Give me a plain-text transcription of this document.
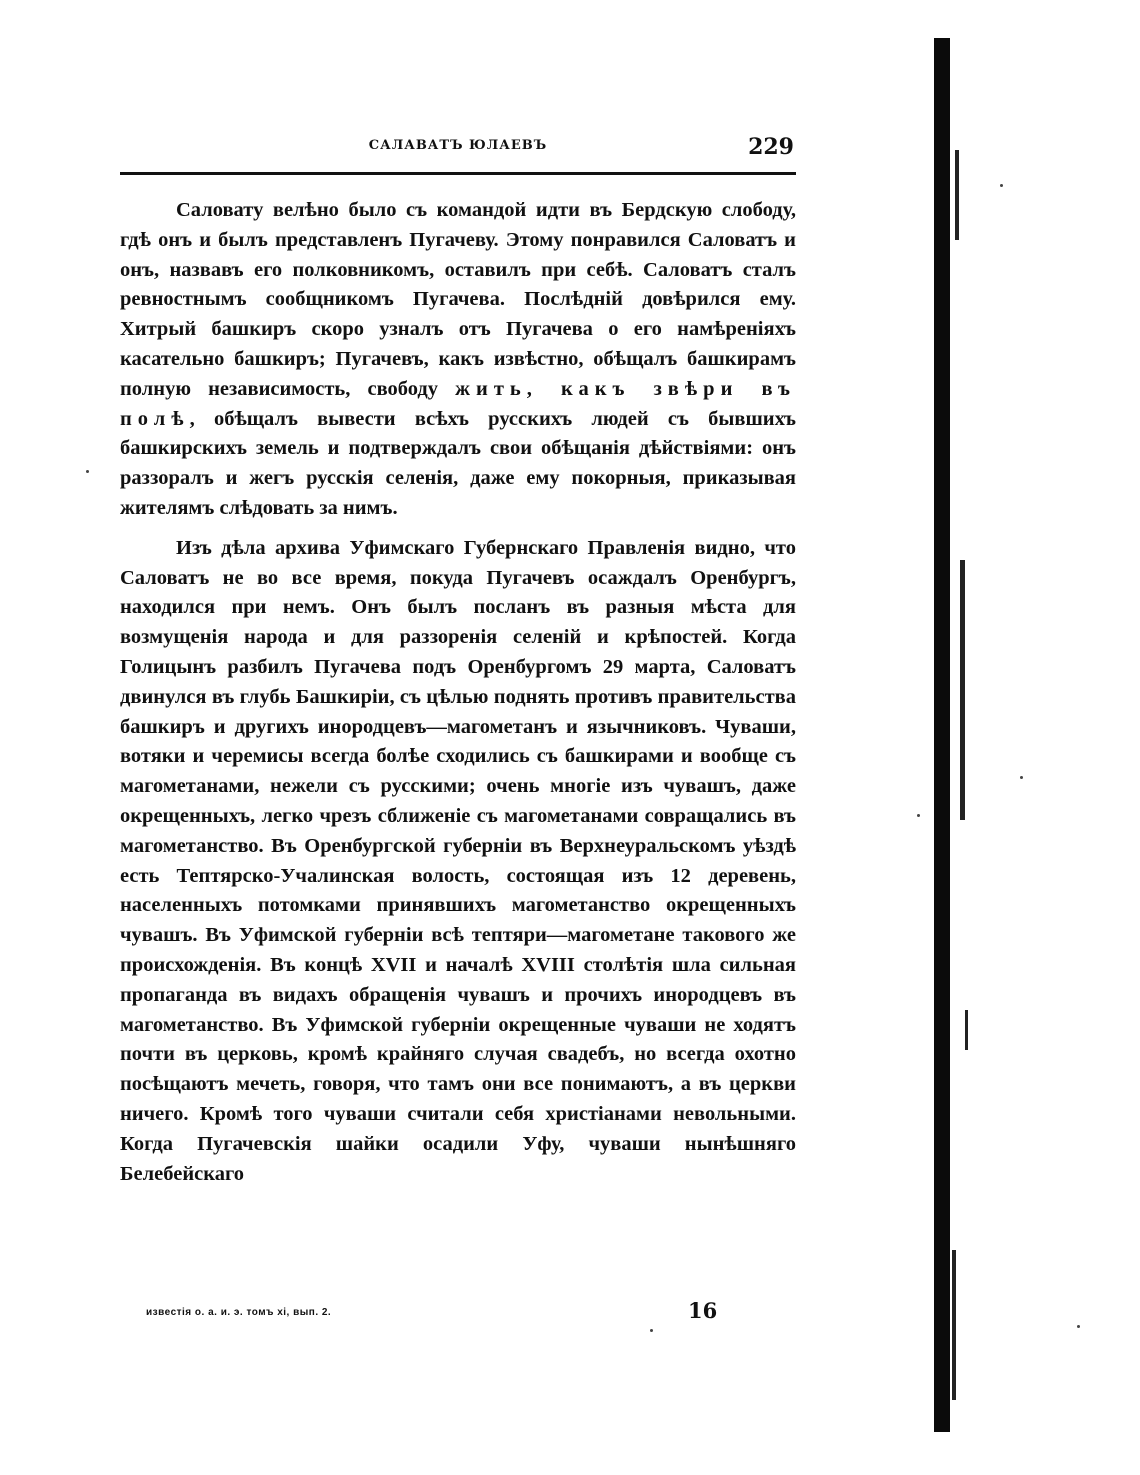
САЛАВАТЪ ЮЛАЕВЪ	229

Саловату велѣно было съ командой идти въ Бердскую слободу, гдѣ онъ и былъ представленъ Пугачеву. Этому понравился Саловатъ и онъ, назвавъ его полковникомъ, оставилъ при себѣ. Саловатъ сталъ ревностнымъ сообщникомъ Пугачева. Послѣдній довѣрился ему. Хитрый башкиръ скоро узналъ отъ Пугачева о его намѣреніяхъ касательно башкиръ; Пугачевъ, какъ извѣстно, обѣщалъ башкирамъ полную независимость, свободу жить, какъ звѣри въ полѣ, обѣщалъ вывести всѣхъ русскихъ людей съ бывшихъ башкирскихъ земель и подтверждалъ свои обѣщанія дѣйствіями: онъ раззоралъ и жегъ русскія селенія, даже ему покорныя, приказывая жителямъ слѣдовать за нимъ.

Изъ дѣла архива Уфимскаго Губернскаго Правленія видно, что Саловатъ не во все время, покуда Пугачевъ осаждалъ Оренбургъ, находился при немъ. Онъ былъ посланъ въ разныя мѣста для возмущенія народа и для раззоренія селеній и крѣпостей. Когда Голицынъ разбилъ Пугачева подъ Оренбургомъ 29 марта, Саловатъ двинулся въ глубь Башкиріи, съ цѣлью поднять противъ правительства башкиръ и другихъ инородцевъ—магометанъ и язычниковъ. Чуваши, вотяки и черемисы всегда болѣе сходились съ башкирами и вообще съ магометанами, нежели съ русскими; очень многіе изъ чувашъ, даже окрещенныхъ, легко чрезъ сближеніе съ магометанами совращались въ магометанство. Въ Оренбургской губерніи въ Верхнеуральскомъ уѣздѣ есть Тептярско-Учалинская волость, состоящая изъ 12 деревень, населенныхъ потомками принявшихъ магометанство окрещенныхъ чувашъ. Въ Уфимской губерніи всѣ тептяри—магометане такового же происхожденія. Въ концѣ XVII и началѣ XVIII столѣтія шла сильная пропаганда въ видахъ обращенія чувашъ и прочихъ инородцевъ въ магометанство. Въ Уфимской губерніи окрещенные чуваши не ходятъ почти въ церковь, кромѣ крайняго случая свадебъ, но всегда охотно посѣщаютъ мечеть, говоря, что тамъ они все понимаютъ, а въ церкви ничего. Кромѣ того чуваши считали себя христіанами невольными. Когда Пугачевскія шайки осадили Уфу, чуваши нынѣшняго Белебейскаго

известія о. а. и. э. томъ xi, вып. 2.	16
